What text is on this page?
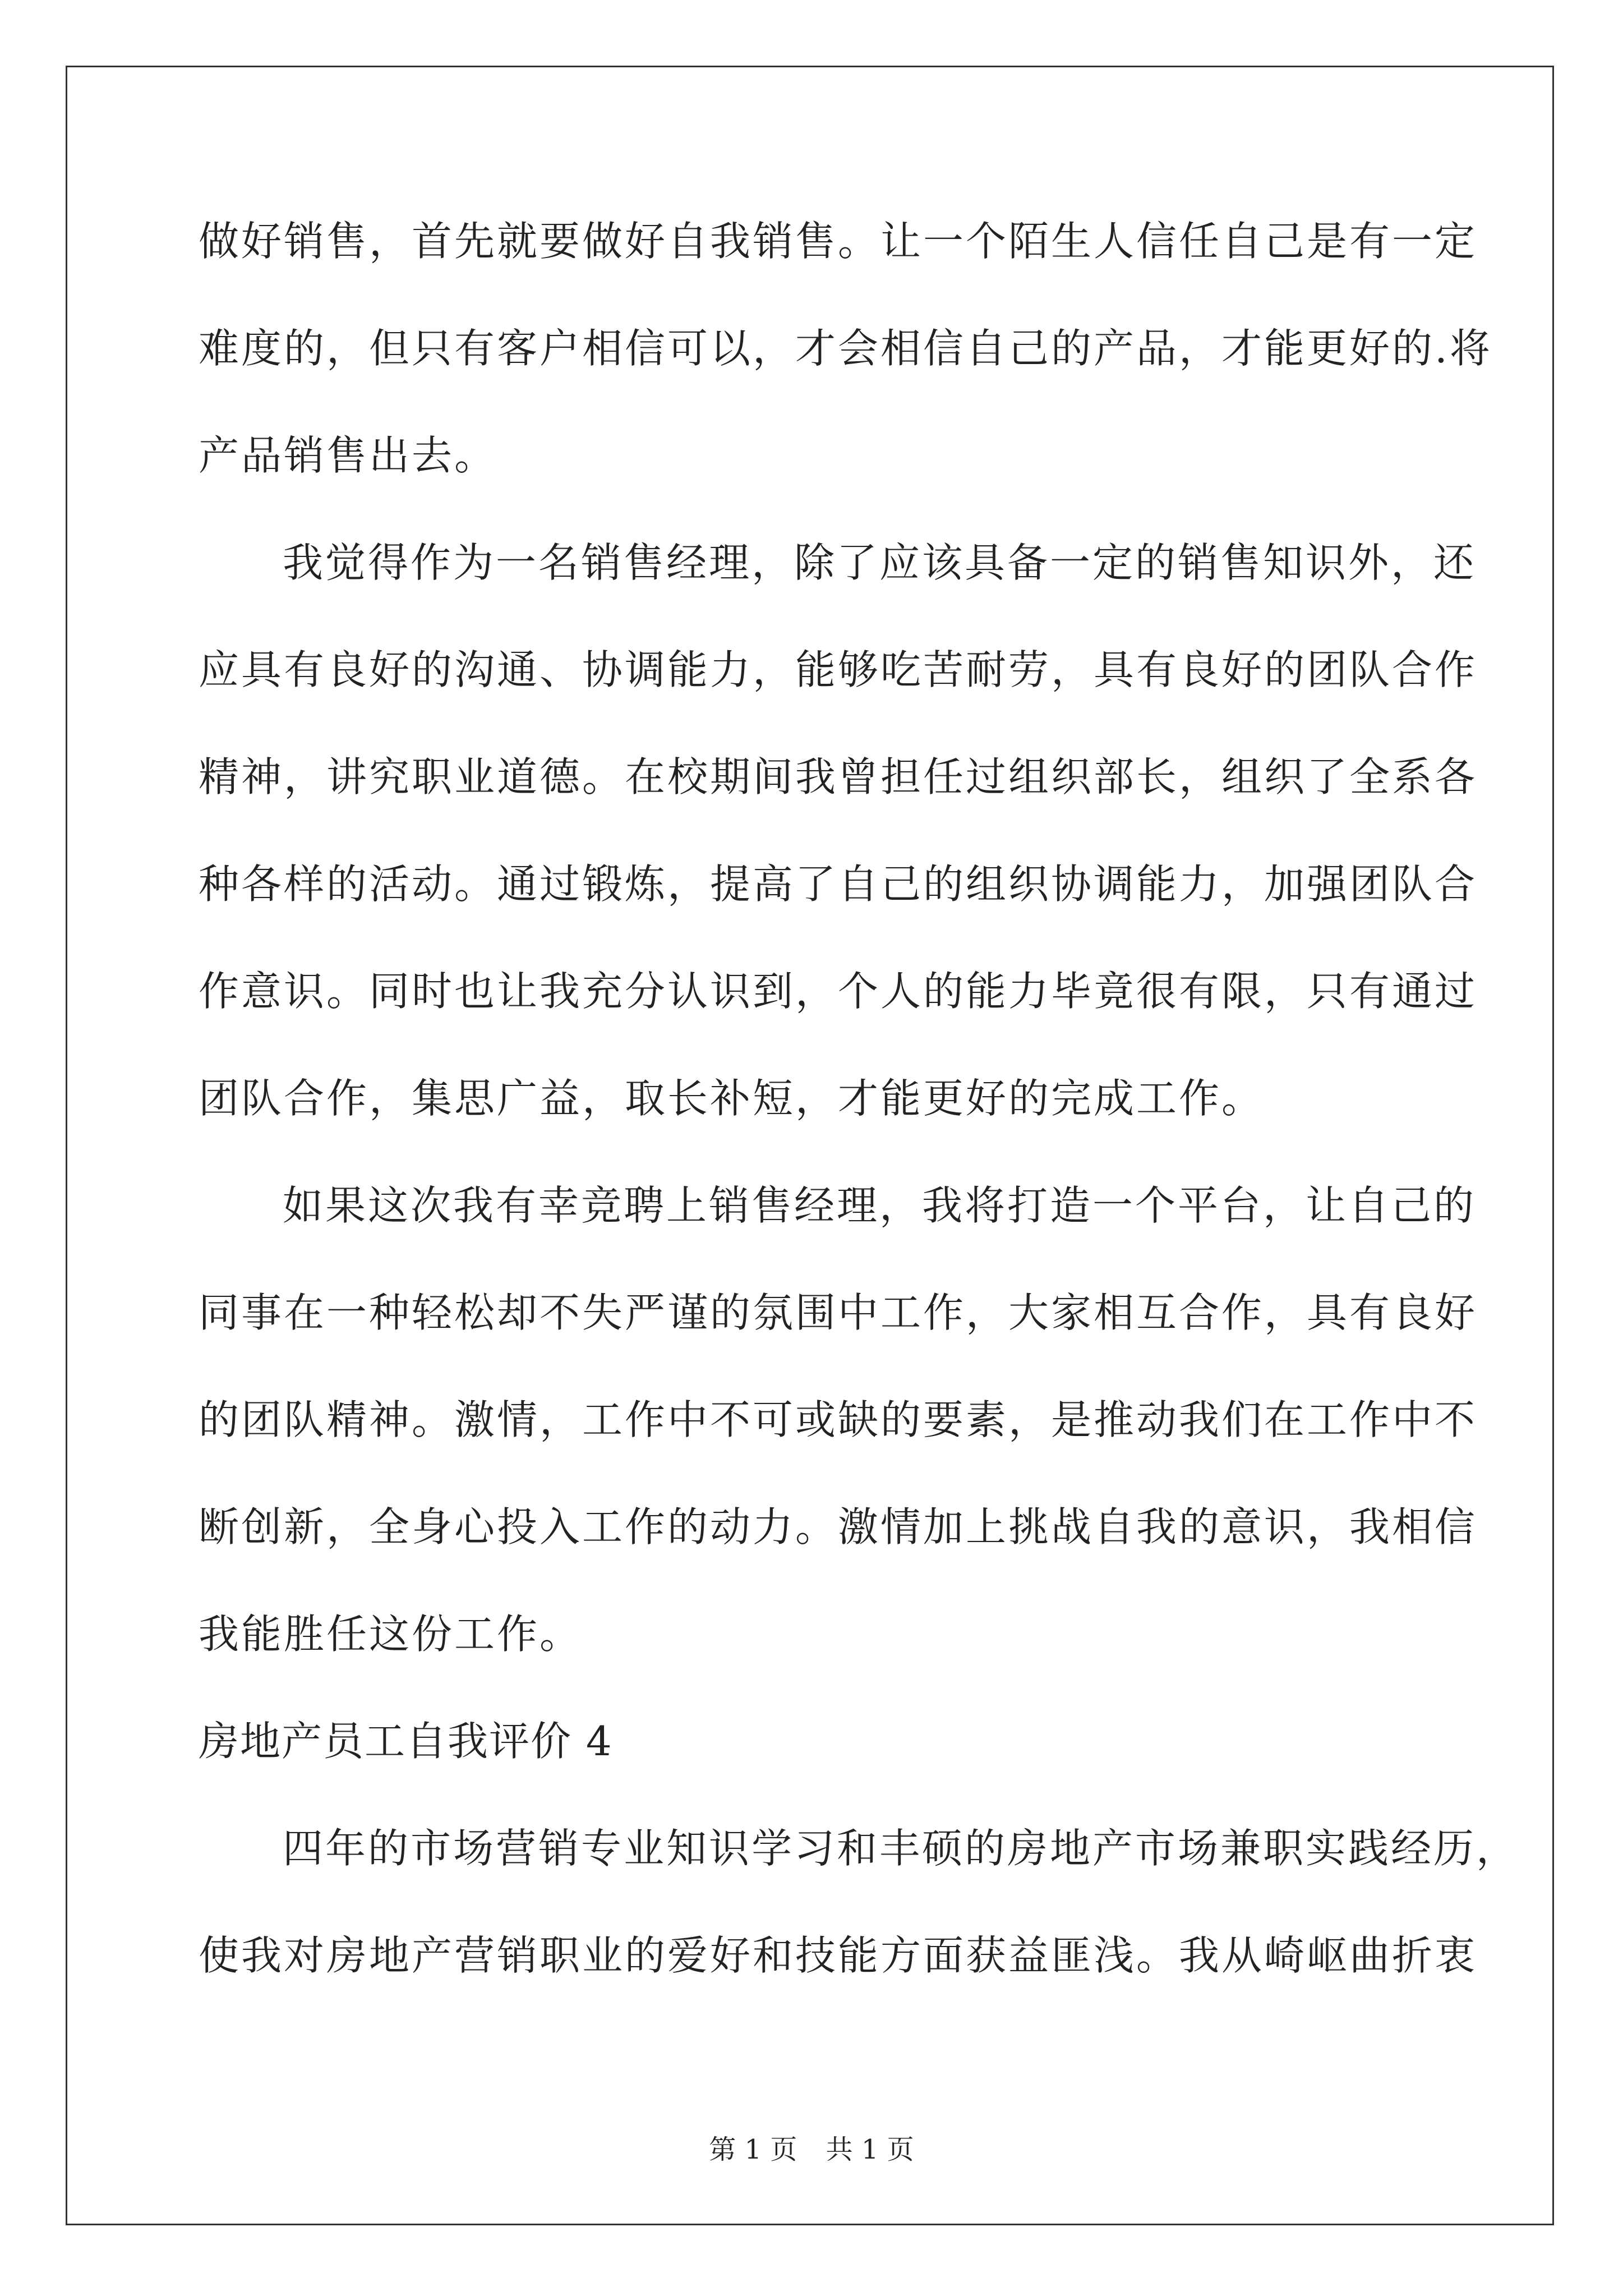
做好销售，首先就要做好自我销售。让一个陌生人信任自己是有一定
难度的，但只有客户相信可以，才会相信自己的产品，才能更好的.将
产品销售出去。
我觉得作为一名销售经理，除了应该具备一定的销售知识外，还
应具有良好的沟通、协调能力，能够吃苦耐劳，具有良好的团队合作
精神，讲究职业道德。在校期间我曾担任过组织部长，组织了全系各
种各样的活动。通过锻炼，提高了自己的组织协调能力，加强团队合
作意识。同时也让我充分认识到，个人的能力毕竟很有限，只有通过
团队合作，集思广益，取长补短，才能更好的完成工作。
如果这次我有幸竞聘上销售经理，我将打造一个平台，让自己的
同事在一种轻松却不失严谨的氛围中工作，大家相互合作，具有良好
的团队精神。激情，工作中不可或缺的要素，是推动我们在工作中不
断创新，全身心投入工作的动力。激情加上挑战自我的意识，我相信
我能胜任这份工作。
房地产员工自我评价 4
四年的市场营销专业知识学习和丰硕的房地产市场兼职实践经历，
使我对房地产营销职业的爱好和技能方面获益匪浅。我从崎岖曲折衷
第 1 页 共 1 页
